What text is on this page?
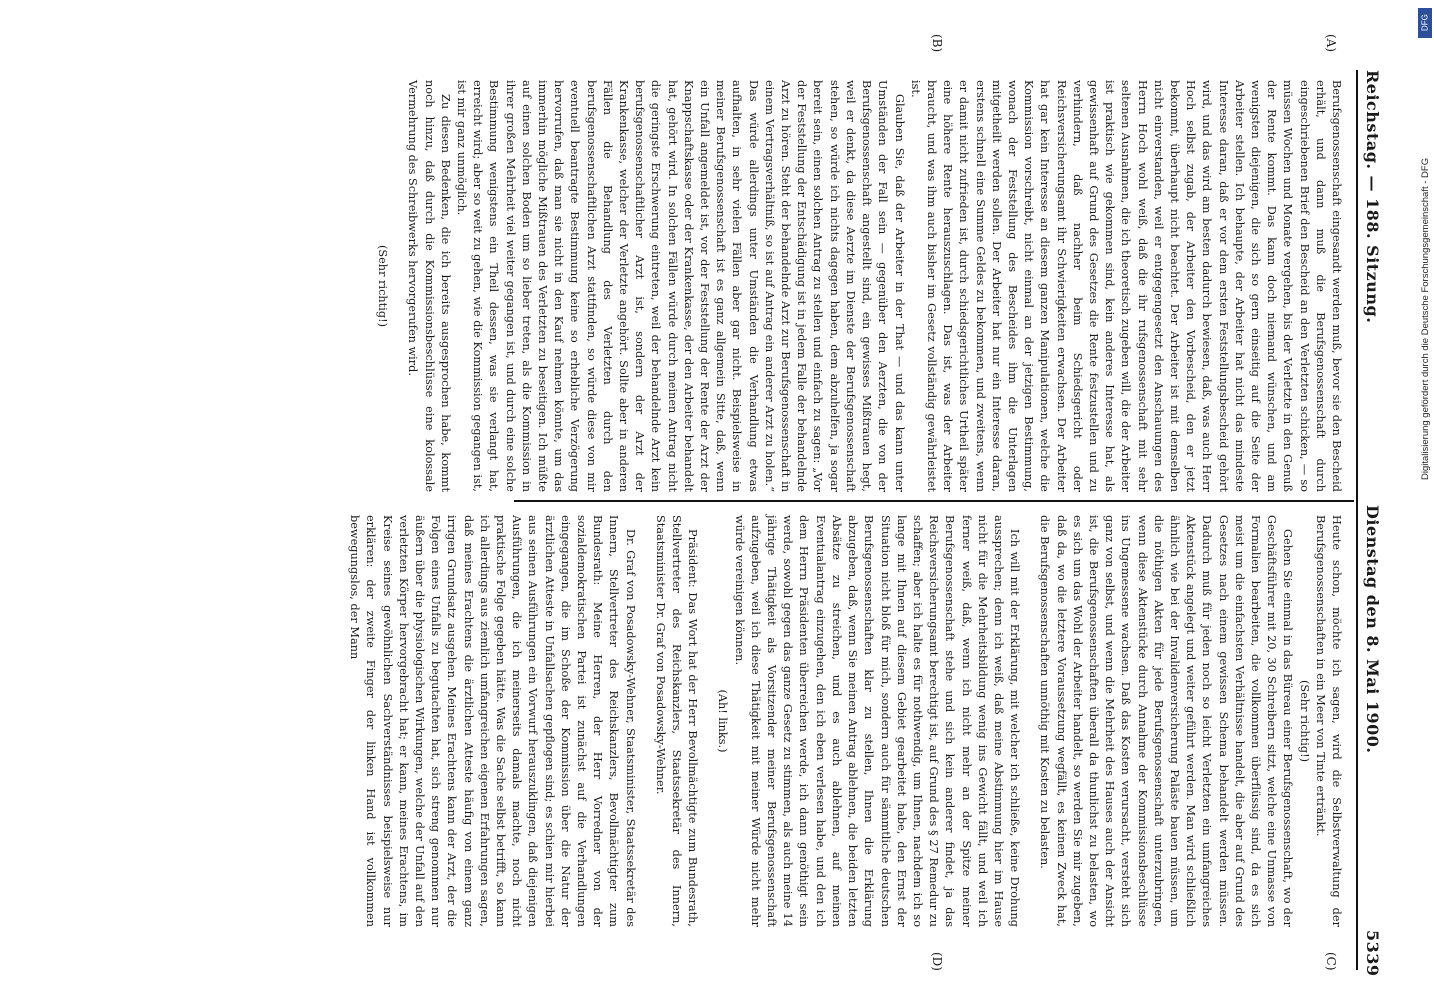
Reichstag. — 188. Sitzung.
Dienstag den 8. Mai 1900.
5339
(A)
(B)
(C)
(D)

Berufsgenossenschaft eingesandt werden muß, bevor sie den Bescheid erhält, und dann muß die Berufsgenossenschaft durch eingeschriebenen Brief den Bescheid an den Verletzten schicken, — so müssen Wochen und Monate vergehen, bis der Verletzte in den Genuß der Rente kommt. Das kann doch niemand wünschen, und am wenigsten diejenigen, die sich so gern einseitig auf die Seite der Arbeiter stellen. Ich behaupte, der Arbeiter hat nicht das mindeste Interesse daran, daß er vor dem ersten Feststellungsbescheid gehört wird, und das wird am besten dadurch bewiesen, daß, was auch Herr Hoch selbst zugab, der Arbeiter den Vorbescheid, den er jetzt bekommt, überhaupt nicht beachtet. Der Arbeiter ist mit demselben nicht einverstanden, weil er entgegengesetzt den Anschauungen des Herrn Hoch wohl weiß, daß die ihr rufsgenossenschaft mit sehr seltenen Ausnahmen, die ich theoretisch zugeben will, die der Arbeiter ist praktisch wie gekommen sind, kein anderes Interesse hat, als gewissenhaft auf Grund des Gesetzes die Rente festzustellen und zu verhindern, daß nachher beim Schiedsgericht oder Reichsversicherungsamt ihr Schwierigkeiten erwachsen. Der Arbeiter hat gar kein Interesse an diesem ganzen Manipulationen, welche die Kommission vorschreibt, nicht einmal an der jetzigen Bestimmung, wonach der Feststellung des Bescheides ihm die Unterlagen mitgetheilt werden sollen. Der Arbeiter hat nur ein Interesse daran, erstens schnell eine Summe Geldes zu bekommen, und zweitens, wenn er damit nicht zufrieden ist, durch schiedsgerichtliches Urtheil später eine höhere Rente herauszuschlagen. Das ist, was der Arbeiter braucht, und was ihm auch bisher im Gesetz vollständig gewährleistet ist.

Glauben Sie, daß der Arbeiter in der That — und das kann unter Umständen der Fall sein — gegenüber den Aerzten, die von der Berufsgenossenschaft angestellt sind, ein gewisses Mißtrauen hegt, weil er denkt, da diese Aerzte im Dienste der Berufsgenossenschaft stehen, so würde ich nichts dagegen haben, dem abzuhelfen, ja sogar bereit sein, einen solchen Antrag zu stellen und einfach zu sagen: „Vor der Feststellung der Entschädigung ist in jedem Falle der behandelnde Arzt zu hören. Steht der behandelnde Arzt zur Berufsgenossenschaft in einem Vertragsverhältniß, so ist auf Antrag ein anderer Arzt zu holen.“ Das würde allerdings unter Umständen die Verhandlung etwas aufhalten, in sehr vielen Fällen aber gar nicht. Beispielsweise in meiner Berufsgenossenschaft ist es ganz allgemein Sitte, daß, wenn ein Unfall angemeldet ist, vor der Feststellung der Rente der Arzt der Knappschaftskasse oder der Krankenkasse, der den Arbeiter behandelt hat, gehört wird. In solchen Fällen würde durch meinen Antrag nicht die geringste Erschwerung eintreten, weil der behandelnde Arzt kein berufsgenossenschaftlicher Arzt ist, sondern der Arzt der Krankenkasse, welcher der Verletzte angehört. Sollte aber in anderen Fällen die Behandlung des Verletzten durch den berufsgenossenschaftlichen Arzt stattfinden, so würde diese von mir eventuell beantragte Bestimmung keine so erhebliche Verzögerung hervorrufen, daß man sie nicht in den Kauf nehmen könnte, um das immerhin mögliche Mißtrauen des Verletzten zu beseitigen. Ich müßte auf einen solchen Boden um so lieber treten, als die Kommission in ihrer großen Mehrheit viel weiter gegangen ist, und durch eine solche Bestimmung wenigstens ein Theil dessen, was sie verlangt hat, erreicht wird; aber so weit zu gehen, wie die Kommission gegangen ist, ist mir ganz unmöglich.

Zu diesen Bedenken, die ich bereits ausgesprochen habe, kommt noch hinzu, daß durch die Kommissionsbeschlüsse eine kolossale Vermehrung des Schreibwerks hervorgerufen wird.

(Sehr richtig!)

Heute schon, möchte ich sagen, wird die Selbstverwaltung der Berufsgenossenschaften in ein Meer von Tinte ertränkt.

(Sehr richtig!)

Gehen Sie einmal in das Büreau einer Berufsgenossenschaft, wo der Geschäftsführer mit 20, 30 Schreibern sitzt, welche eine Unmasse von Formalien bearbeiten, die vollkommen überflüssig sind, da es sich meist um die einfachsten Verhältnisse handelt, die aber auf Grund des Gesetzes nach einem gewissen Schema behandelt werden müssen. Dadurch muß für jeden noch so leicht Verletzten ein umfangreiches Aktenstück angelegt und weiter geführt werden. Man wird schließlich ähnlich wie bei der Invalidenversicherung Paläste bauen müssen, um die nöthigen Akten für jede Berufsgenossenschaft unterzubringen, wenn diese Aktenstücke durch Annahme der Kommissionsbeschlüsse ins Ungemessene wachsen. Daß das Kosten verursacht, versteht sich ganz von selbst, und wenn die Mehrheit des Hauses auch der Ansicht ist, die Berufsgenossenschaften überall da thunlichst zu belasten, wo es sich um das Wohl der Arbeiter handelt, so werden Sie mir zugeben, daß da, wo die letztere Voraussetzung wegfällt, es keinen Zweck hat, die Berufsgenossenschaften unnöthig mit Kosten zu belasten.

Ich will mit der Erklärung, mit welcher ich schließe, keine Drohung aussprechen; denn ich weiß, daß meine Abstimmung hier im Hause nicht für die Mehrheitsbildung wenig ins Gewicht fällt, und weil ich ferner weiß, daß, wenn ich nicht mehr an der Spitze meiner Berufsgenossenschaft stehe und sich kein anderer findet, ja das Reichsversicherungsamt berechtigt ist, auf Grund des § 27 Remedur zu schaffen; aber ich halte es für nothwendig, um Ihnen, nachdem ich so lange mit Ihnen auf diesem Gebiet gearbeitet habe, den Ernst der Situation nicht bloß für mich, sondern auch für sämmtliche deutschen Berufsgenossenschaften klar zu stellen, Ihnen die Erklärung abzugeben, daß, wenn Sie meinen Antrag ablehnen, die beiden letzten Absätze zu streichen, und es auch ablehnen, auf meinen Eventualantrag einzugehen, den ich eben verlesen habe, und den ich dem Herrn Präsidenten überreichen werde, ich dann genöthigt sein werde, sowohl gegen das ganze Gesetz zu stimmen, als auch meine 14 jährige Thätigkeit als Vorsitzender meiner Berufsgenossenschaft aufzugeben, weil ich diese Thätigkeit mit meiner Würde nicht mehr würde vereinigen können.

(Ah! links.)

Präsident: Das Wort hat der Herr Bevollmächtigte zum Bundesrath, Stellvertreter des Reichskanzlers, Staatssekretär des Innern, Staatsminister Dr. Graf von Posadowsky-Wehner.

Dr. Graf von Posadowsky-Wehner, Staatsminister, Staatssekretär des Innern, Stellvertreter des Reichskanzlers, Bevollmächtigter zum Bundesrath: Meine Herren, der Herr Vorredner von der sozialdemokratischen Partei ist zunächst auf die Verhandlungen eingegangen, die im Schoße der Kommission über die Natur der ärztlichen Atteste in Unfallsachen gepflogen sind; es schien mir hierbei aus seinen Ausführungen ein Vorwurf herauszuklingen, daß diejenigen Ausführungen, die ich meinerseits damals machte, noch nicht praktische Folge gegeben hätte. Was die Sache selbst betrifft, so kann ich allerdings aus ziemlich umfangreichen eigenen Erfahrungen sagen, daß meines Erachtens die ärztlichen Atteste häufig von einem ganz irrigen Grundsatz ausgehen. Meines Erachtens kann der Arzt, der die Folgen eines Unfalls zu begutachten hat, sich streng genommen nur äußern über die physiologischen Wirkungen, welche der Unfall auf den verletzten Körper hervorgebracht hat; er kann, meines Erachtens, im Kreise seines gewöhnlichen Sachverständnisses beispielsweise nur erklären: der zweite Finger der linken Hand ist vollkommen bewegungslos, der Mann

DFG
Digitalisierung gefördert durch die Deutsche Forschungsgemeinschaft - DFG
